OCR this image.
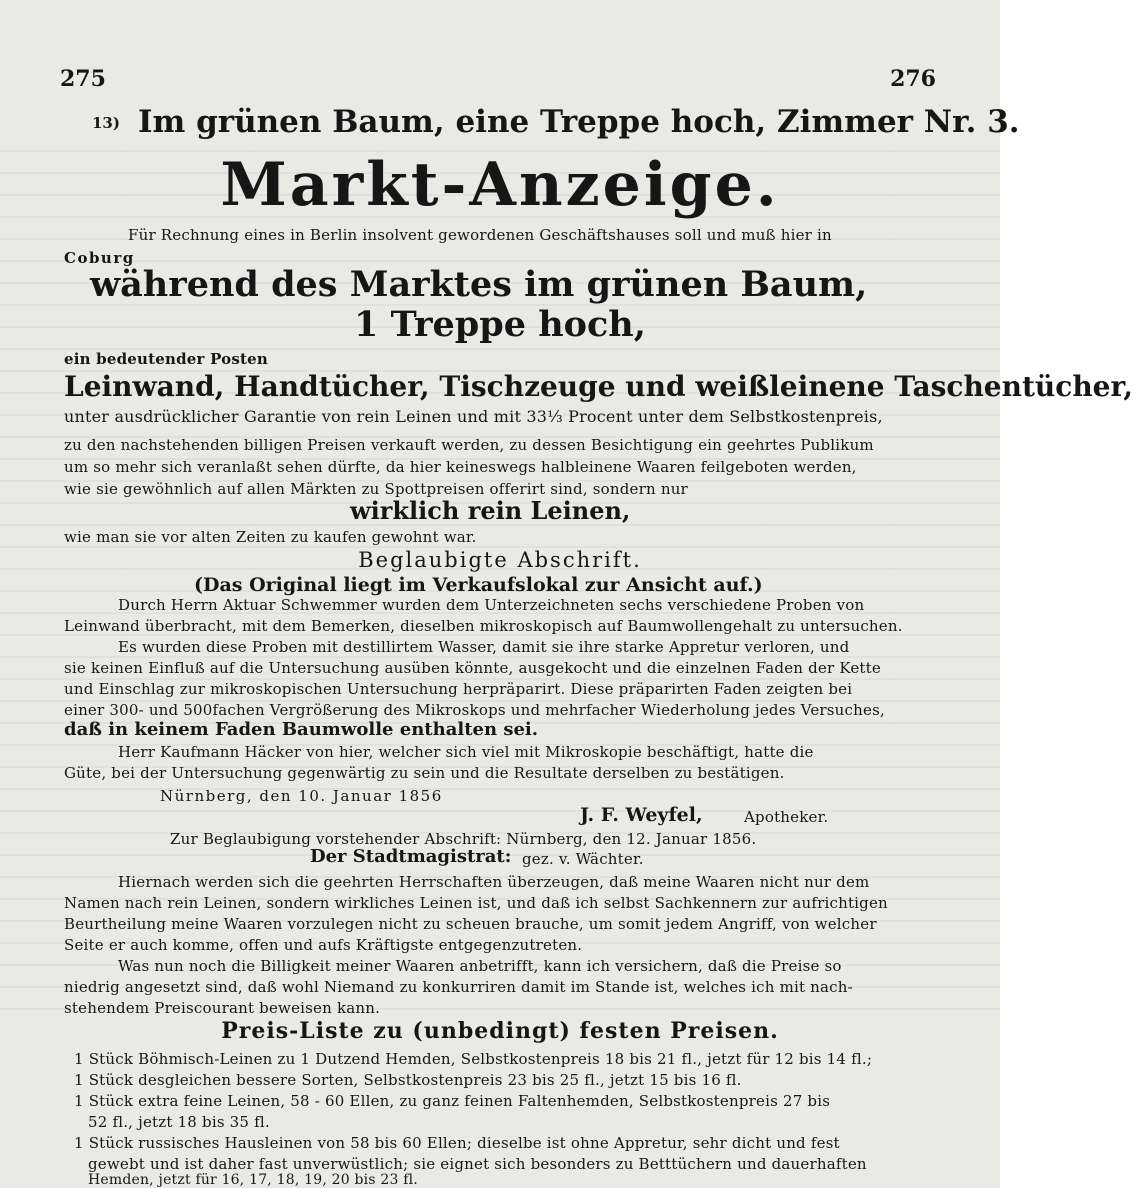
275	276
13) Im grünen Baum, eine Treppe hoch, Zimmer Nr. 3.
Markt-Anzeige.
Für Rechnung eines in Berlin insolvent gewordenen Geschäftshauses soll und muß hier in
Coburg
während des Marktes im grünen Baum,
1 Treppe hoch,
ein bedeutender Posten
Leinwand, Handtücher, Tischzeuge und weißleinene Taschentücher,
unter ausdrücklicher Garantie von rein Leinen und mit 33⅓ Procent unter dem Selbstkostenpreis,
zu den nachstehenden billigen Preisen verkauft werden, zu dessen Besichtigung ein geehrtes Publikum
um so mehr sich veranlaßt sehen dürfte, da hier keineswegs halbleinene Waaren feilgeboten werden,
wie sie gewöhnlich auf allen Märkten zu Spottpreisen offerirt sind, sondern nur
wirklich rein Leinen,
wie man sie vor alten Zeiten zu kaufen gewohnt war.
Beglaubigte Abschrift.
(Das Original liegt im Verkaufslokal zur Ansicht auf.)
Durch Herrn Aktuar Schwemmer wurden dem Unterzeichneten sechs verschiedene Proben von
Leinwand überbracht, mit dem Bemerken, dieselben mikroskopisch auf Baumwollengehalt zu untersuchen.
Es wurden diese Proben mit destillirtem Wasser, damit sie ihre starke Appretur verloren, und
sie keinen Einfluß auf die Untersuchung ausüben könnte, ausgekocht und die einzelnen Faden der Kette
und Einschlag zur mikroskopischen Untersuchung herpräparirt. Diese präparirten Faden zeigten bei
einer 300- und 500fachen Vergrößerung des Mikroskops und mehrfacher Wiederholung jedes Versuches,
daß in keinem Faden Baumwolle enthalten sei.
Herr Kaufmann Häcker von hier, welcher sich viel mit Mikroskopie beschäftigt, hatte die
Güte, bei der Untersuchung gegenwärtig zu sein und die Resultate derselben zu bestätigen.
Nürnberg, den 10. Januar 1856
J. F. Weyfel,	Apotheker.
Zur Beglaubigung vorstehender Abschrift: Nürnberg, den 12. Januar 1856.
Der Stadtmagistrat: gez. v. Wächter.
Hiernach werden sich die geehrten Herrschaften überzeugen, daß meine Waaren nicht nur dem
Namen nach rein Leinen, sondern wirkliches Leinen ist, und daß ich selbst Sachkennern zur aufrichtigen
Beurtheilung meine Waaren vorzulegen nicht zu scheuen brauche, um somit jedem Angriff, von welcher
Seite er auch komme, offen und aufs Kräftigste entgegenzutreten.
Was nun noch die Billigkeit meiner Waaren anbetrifft, kann ich versichern, daß die Preise so
niedrig angesetzt sind, daß wohl Niemand zu konkurriren damit im Stande ist, welches ich mit nach-
stehendem Preiscourant beweisen kann.
Preis-Liste zu (unbedingt) festen Preisen.
1 Stück Böhmisch-Leinen zu 1 Dutzend Hemden, Selbstkostenpreis 18 bis 21 fl., jetzt für 12 bis 14 fl.;
1 Stück desgleichen bessere Sorten, Selbstkostenpreis 23 bis 25 fl., jetzt 15 bis 16 fl.
1 Stück extra feine Leinen, 58 - 60 Ellen, zu ganz feinen Faltenhemden, Selbstkostenpreis 27 bis
52 fl., jetzt 18 bis 35 fl.
1 Stück russisches Hausleinen von 58 bis 60 Ellen; dieselbe ist ohne Appretur, sehr dicht und fest
gewebt und ist daher fast unverwüstlich; sie eignet sich besonders zu Betttüchern und dauerhaften
Hemden, jetzt für 16, 17, 18, 19, 20 bis 23 fl.
